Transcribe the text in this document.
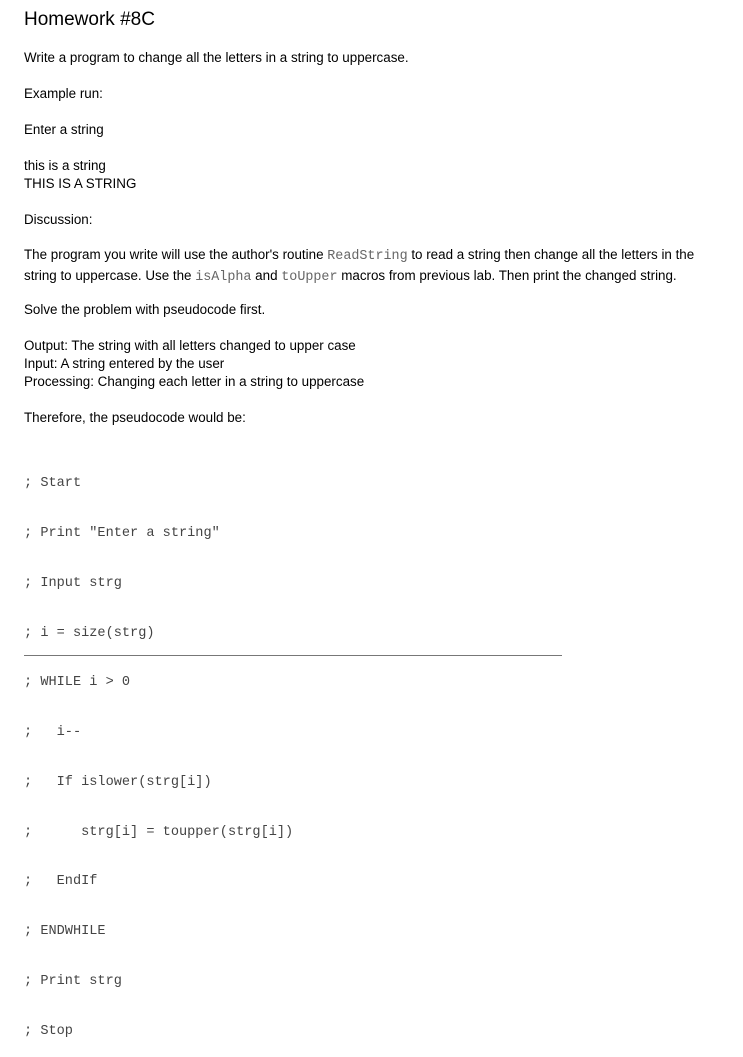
Homework #8C
Write a program to change all the letters in a string to uppercase.
Example run:
Enter a string
this is a string
THIS IS A STRING
Discussion:
The program you write will use the author's routine ReadString to read a string then change all the letters in the string to uppercase. Use the isAlpha and toUpper macros from previous lab. Then print the changed string.
Solve the problem with pseudocode first.
Output: The string with all letters changed to upper case
Input: A string entered by the user
Processing: Changing each letter in a string to uppercase
Therefore, the pseudocode would be:

; Start

; Print "Enter a string"

; Input strg

; i = size(strg)

; WHILE i > 0

;   i--

;   If islower(strg[i])

;      strg[i] = toupper(strg[i])

;   EndIf

; ENDWHILE

; Print strg

; Stop
